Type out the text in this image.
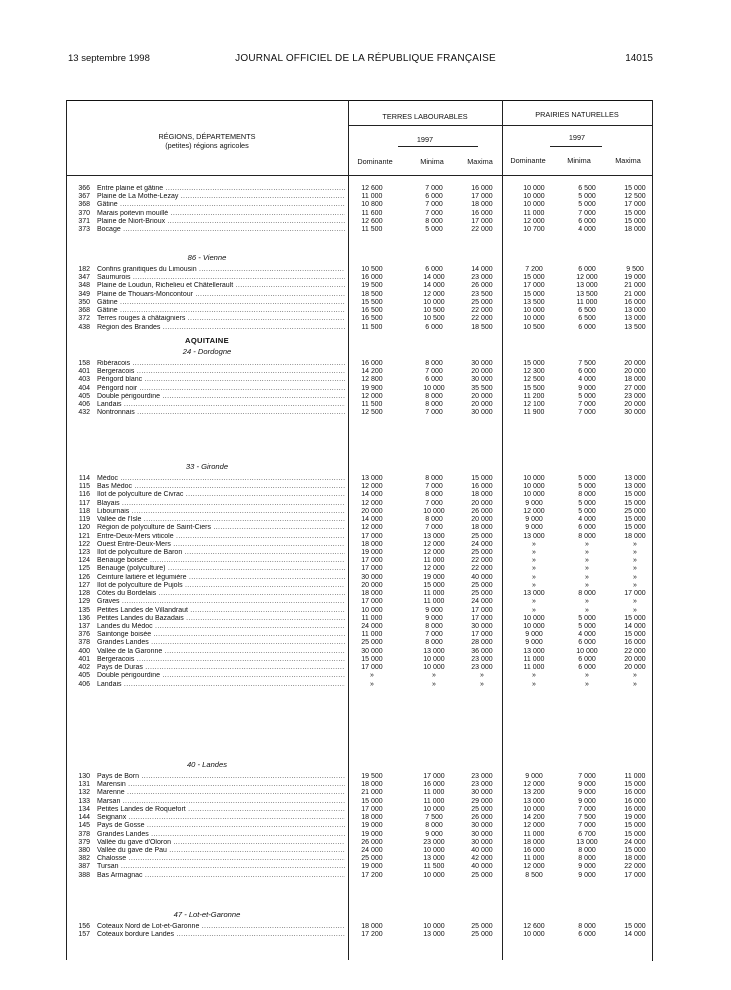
13 septembre 1998	JOURNAL OFFICIEL DE LA RÉPUBLIQUE FRANÇAISE	14015
RÉGIONS, DÉPARTEMENTS
(petites) régions agricoles
TERRES LABOURABLES	PRAIRIES NATURELLES
1997	1997
Dominante	Minima	Maxima	Dominante	Minima	Maxima
366 Entre plaine et gâtine .....	12 600	7 000	16 000	10 000	6 500	15 000
367 Plaine de La Mothe-Lezay .....	11 000	6 000	17 000	10 000	5 000	12 500
368 Gâtine .....	10 800	7 000	18 000	10 000	5 000	17 000
370 Marais poitevin mouillé .....	11 600	7 000	16 000	11 000	7 000	15 000
371 Plaine de Niort-Brioux .....	12 600	8 000	17 000	12 000	6 000	15 000
373 Bocage .....	11 500	5 000	22 000	10 700	4 000	18 000
86 - Vienne
182 Confins granitiques du Limousin .....	10 500	6 000	14 000	7 200	6 000	9 500
347 Saumurois .....	16 000	14 000	23 000	15 000	12 000	19 000
348 Plaine de Loudun, Richelieu et Châtellerault .....	19 500	14 000	26 000	17 000	13 000	21 000
349 Plaine de Thouars-Moncontour .....	18 500	12 000	23 500	15 000	13 500	21 000
350 Gâtine .....	15 500	10 000	25 000	13 500	11 000	16 000
368 Gâtine .....	16 500	10 500	22 000	10 000	6 500	13 000
372 Terres rouges à châtaigniers .....	16 500	10 500	22 000	10 000	6 500	13 000
438 Région des Brandes .....	11 500	6 000	18 500	10 500	6 000	13 500
AQUITAINE
24 - Dordogne
158 Ribéracois .....	16 000	8 000	30 000	15 000	7 500	20 000
401 Bergeracois .....	14 200	7 000	20 000	12 300	6 000	20 000
403 Périgord blanc .....	12 800	6 000	30 000	12 500	4 000	18 000
404 Périgord noir .....	19 900	10 000	35 500	15 500	9 000	27 000
405 Double périgourdine .....	12 000	8 000	20 000	11 200	5 000	23 000
406 Landais .....	11 500	8 000	20 000	12 100	7 000	20 000
432 Nontronnais .....	12 500	7 000	30 000	11 900	7 000	30 000
33 - Gironde
114 Médoc .....	13 000	8 000	15 000	10 000	5 000	13 000
115 Bas Médoc .....	12 000	7 000	16 000	10 000	5 000	13 000
116 Ilot de polyculture de Civrac .....	14 000	8 000	18 000	10 000	8 000	15 000
117 Blayais .....	12 000	7 000	20 000	9 000	5 000	15 000
118 Libournais .....	20 000	10 000	26 000	12 000	5 000	25 000
119 Vallée de l'Isle .....	14 000	8 000	20 000	9 000	4 000	15 000
120 Région de polyculture de Saint-Ciers .....	12 000	7 000	18 000	9 000	6 000	15 000
121 Entre-Deux-Mers viticole .....	17 000	13 000	25 000	13 000	8 000	18 000
122 Ouest Entre-Deux-Mers .....	18 000	12 000	24 000	»	»	»
123 Ilot de polyculture de Baron .....	19 000	12 000	25 000	»	»	»
124 Benauge boisée .....	17 000	11 000	22 000	»	»	»
125 Benauge (polyculture) .....	17 000	12 000	22 000	»	»	»
126 Ceinture laitière et légumière .....	30 000	19 000	40 000	»	»	»
127 Ilot de polyculture de Pujols .....	20 000	15 000	25 000	»	»	»
128 Côtes du Bordelais .....	18 000	11 000	25 000	13 000	8 000	17 000
129 Graves .....	17 000	11 000	24 000	»	»	»
135 Petites Landes de Villandraut .....	10 000	9 000	17 000	»	»	»
136 Petites Landes du Bazadais .....	11 000	9 000	17 000	10 000	5 000	15 000
137 Landes du Médoc .....	24 000	8 000	30 000	10 000	5 000	14 000
376 Saintonge boisée .....	11 000	7 000	17 000	9 000	4 000	15 000
378 Grandes Landes .....	25 000	8 000	28 000	9 000	6 000	16 000
400 Vallée de la Garonne .....	30 000	13 000	36 000	13 000	10 000	22 000
401 Bergeracois .....	15 000	10 000	23 000	11 000	6 000	20 000
402 Pays de Duras .....	17 000	10 000	23 000	11 000	6 000	20 000
405 Double périgourdine .....	»	»	»	»	»	»
406 Landais .....	»	»	»	»	»	»
40 - Landes
130 Pays de Born .....	19 500	17 000	23 000	9 000	7 000	11 000
131 Marensin .....	18 000	16 000	23 000	12 000	9 000	15 000
132 Marenne .....	21 000	11 000	30 000	13 200	9 000	16 000
133 Marsan .....	15 000	11 000	29 000	13 000	9 000	16 000
134 Petites Landes de Roquefort .....	17 000	10 000	25 000	10 000	7 000	16 000
144 Seignanx .....	18 000	7 500	26 000	14 200	7 500	19 000
145 Pays de Gosse .....	19 000	8 000	30 000	12 000	7 000	15 000
378 Grandes Landes .....	19 000	9 000	30 000	11 000	6 700	15 000
379 Vallée du gave d'Oloron .....	26 000	23 000	30 000	18 000	13 000	24 000
380 Vallée du gave de Pau .....	24 000	10 000	40 000	16 000	8 000	15 000
382 Chalosse .....	25 000	13 000	42 000	11 000	8 000	18 000
387 Tursan .....	19 000	11 500	40 000	12 000	9 000	22 000
388 Bas Armagnac .....	17 200	10 000	25 000	8 500	9 000	17 000
47 - Lot-et-Garonne
156 Coteaux Nord de Lot-et-Garonne .....	18 000	10 000	25 000	12 600	8 000	15 000
157 Coteaux bordure Landes .....	17 200	13 000	25 000	10 000	6 000	14 000
